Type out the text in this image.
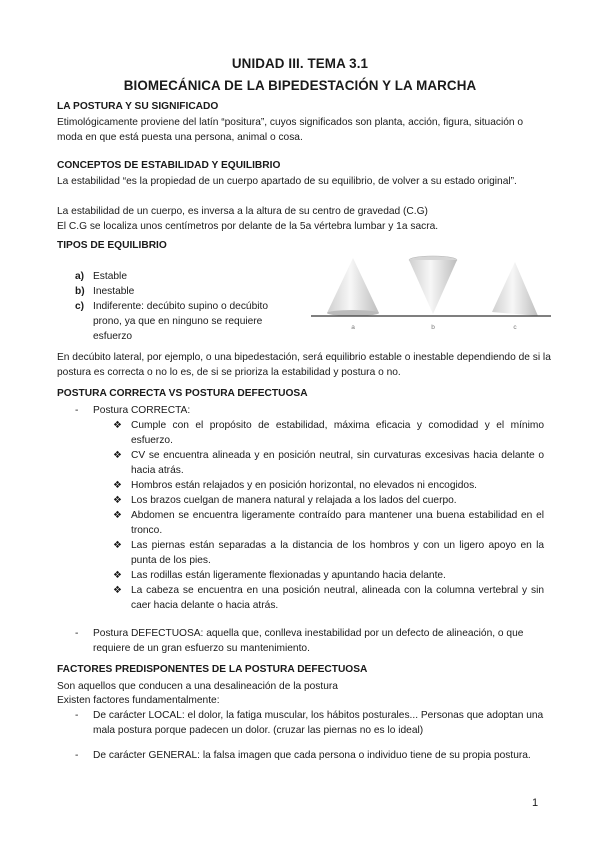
UNIDAD III. TEMA 3.1
BIOMECÁNICA DE LA BIPEDESTACIÓN Y LA MARCHA
LA POSTURA Y SU SIGNIFICADO
Etimológicamente proviene del latín “positura”, cuyos significados son planta, acción, figura, situación o moda en que está puesta una persona, animal o cosa.
CONCEPTOS DE ESTABILIDAD Y EQUILIBRIO
La estabilidad “es la propiedad de un cuerpo apartado de su equilibrio, de volver a su estado original”.
La estabilidad de un cuerpo, es inversa a la altura de su centro de gravedad (C.G)
El C.G se localiza unos centímetros por delante de la 5a vértebra lumbar y 1a sacra.
TIPOS DE EQUILIBRIO
a) Estable
b) Inestable
c) Indiferente: decúbito supino o decúbito prono, ya que en ninguno se requiere esfuerzo
a	b	c
En decúbito lateral, por ejemplo, o una bipedestación, será equilibrio estable o inestable dependiendo de si la postura es correcta o no lo es, de si se prioriza la estabilidad y postura o no.
POSTURA CORRECTA VS POSTURA DEFECTUOSA
- Postura CORRECTA:
❖ Cumple con el propósito de estabilidad, máxima eficacia y comodidad y el mínimo esfuerzo.
❖ CV se encuentra alineada y en posición neutral, sin curvaturas excesivas hacia delante o hacia atrás.
❖ Hombros están relajados y en posición horizontal, no elevados ni encogidos.
❖ Los brazos cuelgan de manera natural y relajada a los lados del cuerpo.
❖ Abdomen se encuentra ligeramente contraído para mantener una buena estabilidad en el tronco.
❖ Las piernas están separadas a la distancia de los hombros y con un ligero apoyo en la punta de los pies.
❖ Las rodillas están ligeramente flexionadas y apuntando hacia delante.
❖ La cabeza se encuentra en una posición neutral, alineada con la columna vertebral y sin caer hacia delante o hacia atrás.
- Postura DEFECTUOSA: aquella que, conlleva inestabilidad por un defecto de alineación, o que requiere de un gran esfuerzo su mantenimiento.
FACTORES PREDISPONENTES DE LA POSTURA DEFECTUOSA
Son aquellos que conducen a una desalineación de la postura
Existen factores fundamentalmente:
- De carácter LOCAL: el dolor, la fatiga muscular, los hábitos posturales... Personas que adoptan una mala postura porque padecen un dolor. (cruzar las piernas no es lo ideal)
- De carácter GENERAL: la falsa imagen que cada persona o individuo tiene de su propia postura.
1
